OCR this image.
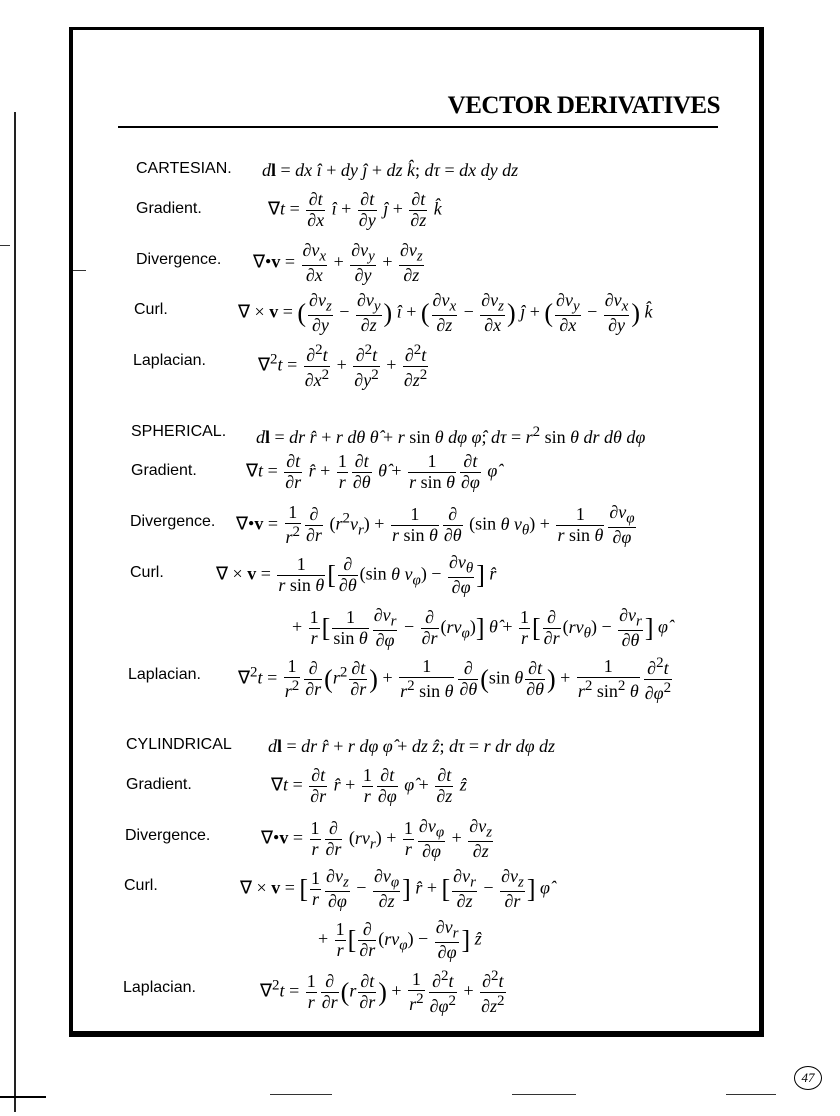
VECTOR DERIVATIVES
CARTESIAN. dl = dx î + dy ĵ + dz k̂; dτ = dx dy dz
Gradient.	$\nabla t = \frac{\partial t}{\partial x}$ î + $\frac{\partial t}{\partial y}$ ĵ + $\frac{\partial t}{\partial z}$ k̂
Divergence. ∇•v = $\frac{\partial v_x}{\partial x} + \frac{\partial v_y}{\partial y} + \frac{\partial v_z}{\partial z}$
Curl.	∇ × v = ( $\frac{\partial v_z}{\partial y} - \frac{\partial v_y}{\partial z}$ ) î + ( $\frac{\partial v_x}{\partial z} - \frac{\partial v_z}{\partial x}$ ) ĵ + ( $\frac{\partial v_y}{\partial x} - \frac{\partial v_x}{\partial y}$ ) k̂
Laplacian.	$\nabla^2t = \frac{\partial^2t}{\partial x^2} + \frac{\partial^2t}{\partial y^2} + \frac{\partial^2t}{\partial z^2}$
SPHERICAL. dl = dr r̂ + r dθ θ̂ + r sin θ dφ φ̂; $d\tau = r^2$ sin θ dr dθ dφ
Gradient.	$\nabla t = \frac{\partial t}{\partial r}$ r̂ + $\frac{1}{r} \frac{\partial t}{\partial\theta}$ θ̂ + $\frac{1}{\text{r sin θ}} \frac{\partial t}{\partial\varphi}$ φ̂
Divergence. ∇•v = $\frac{1}{r^2} \frac{\partial}{\partial r} (r^2v_r) + \frac{1}{\text{r sin θ}} \frac{\partial}{\partial\theta} (\sin$ θ $v_\theta) + \frac{1}{\text{r sin θ}} \frac{\partial v_\varphi}{\partial\varphi}$
Curl.	∇ × $v = \frac{1}{\text{r sin θ}}$ [ $\frac{\partial}{\partial\theta} (\sin$ θ $v_\varphi) - \frac{\partial v_\theta}{\partial\varphi}$ ] r̂
+ $\frac{1}{r}$ [ $\frac{1}{\text{sin θ}} \frac{\partial v_r}{\partial\varphi} - \frac{\partial}{\partial r} (rv_\varphi)$] θ̂ + $\frac{1}{r}$ [ $\frac{\partial}{\partial r} (rv_\theta) - \frac{\partial v_r}{\partial\theta}$ ] φ̂
Laplacian. $\nabla^2t = \frac{1}{r^2} \frac{\partial}{\partial r} (r^2 \frac{\partial t}{\partial r}$ ) + $\frac{1}{r^2 \sin \theta} \frac{\partial}{\partial\theta} (\sin$ θ $\frac{\partial t}{\partial\theta}$ ) + $\frac{1}{r^2 \sin^2 \theta} \frac{\partial^2t}{\partial\varphi^2}$
CYLINDRICAL dl = dr r̂ + r dφ φ̂ + dz ẑ; dτ = r dr dφ dz
Gradient.	$\nabla t = \frac{\partial t}{\partial r}$ r̂ + $\frac{1}{r} \frac{\partial t}{\partial\varphi}$ φ̂ + $\frac{\partial t}{\partial z}$ ẑ
Divergence.	∇•v = $\frac{1}{r} \frac{\partial}{\partial r} (rv_r) + \frac{1}{r} \frac{\partial v_\varphi}{\partial\varphi} + \frac{\partial v_z}{\partial z}$
Curl.	∇ × v = [ $\frac{1}{r} \frac{\partial v_z}{\partial\varphi} - \frac{\partial v_\varphi}{\partial z}$ ] r̂ + [ $\frac{\partial v_r}{\partial z} - \frac{\partial v_z}{\partial r}$ ] φ̂
+ $\frac{1}{r}$ [ $\frac{\partial}{\partial r} (rv_\varphi) - \frac{\partial v_r}{\partial\varphi}$ ] ẑ
Laplacian.	$\nabla^2t = \frac{1}{r} \frac{\partial}{\partial r} (r \frac{\partial t}{\partial r}$ ) + $\frac{1}{r^2} \frac{\partial^2t}{\partial\varphi^2} + \frac{\partial^2t}{\partial z^2}$
47
